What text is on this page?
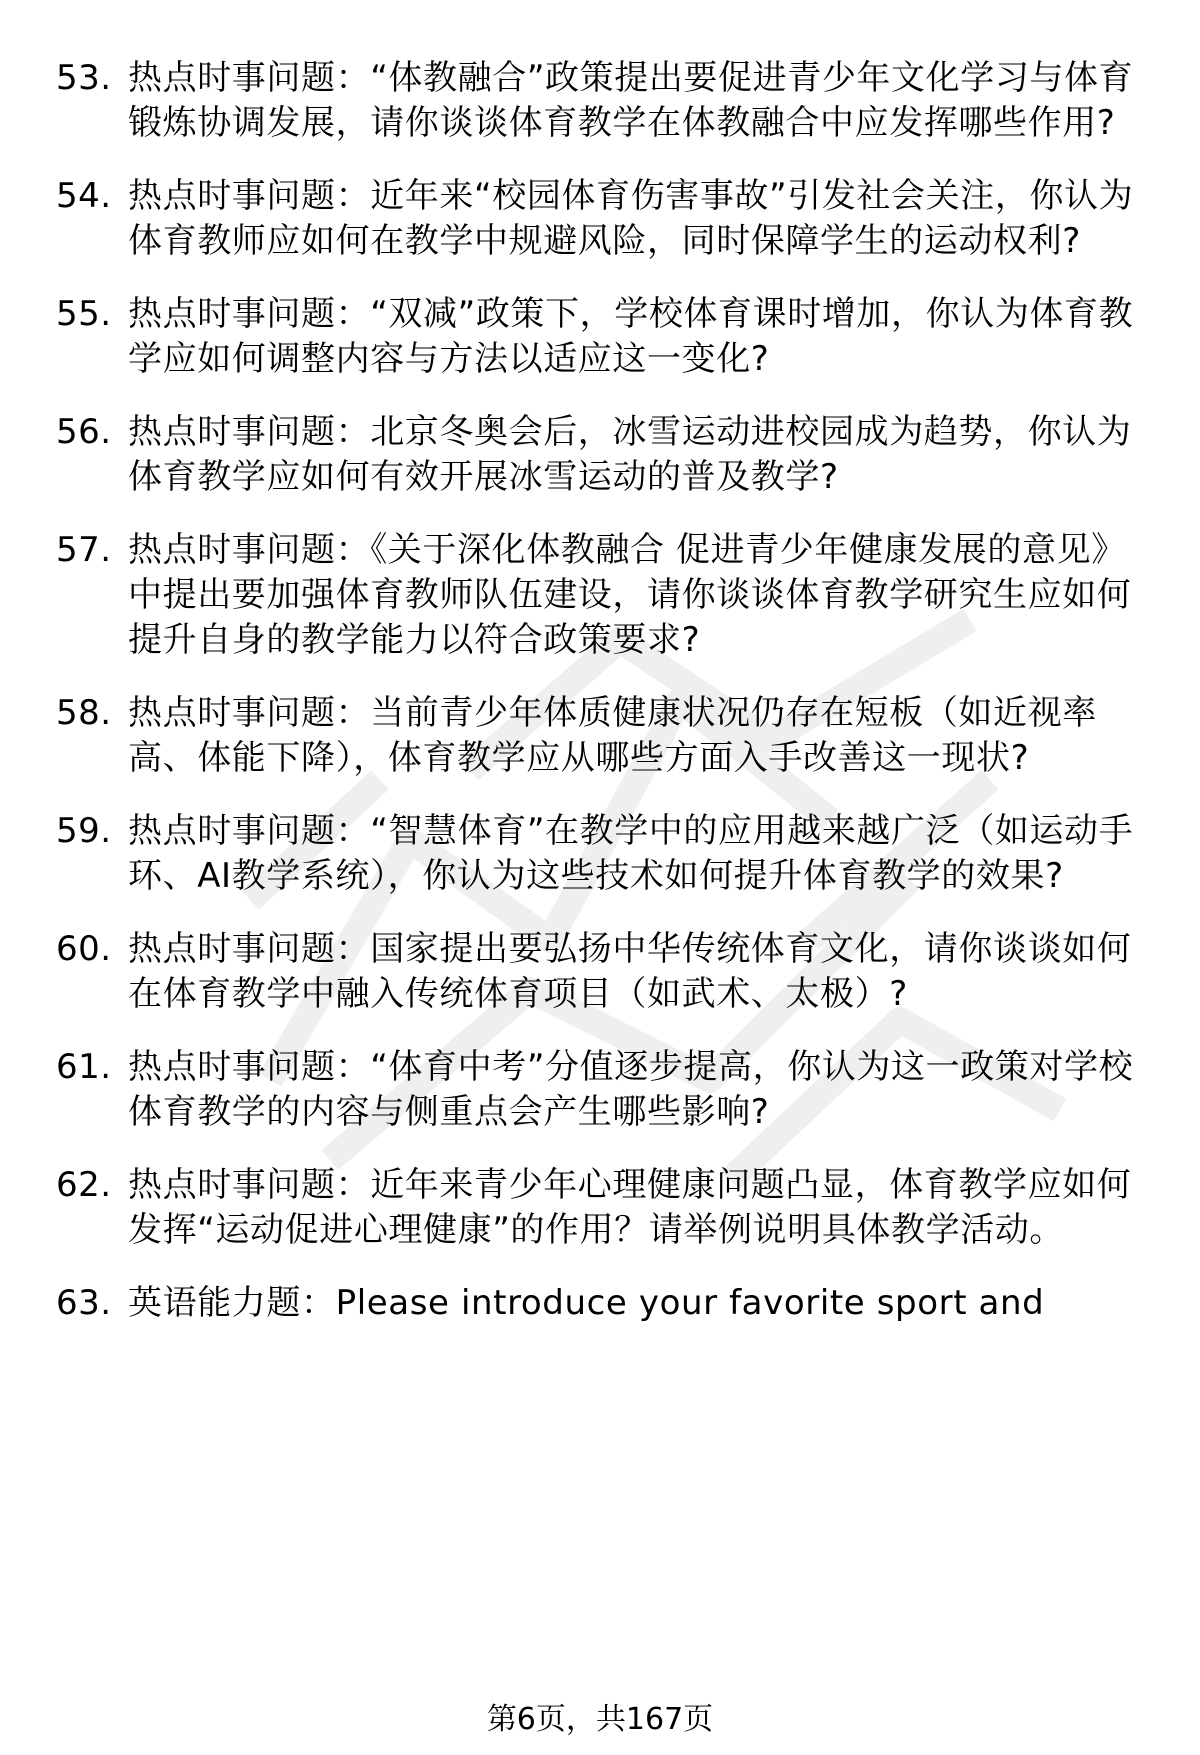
53. 热点时事问题：“体教融合”政策提出要促进青少年文化学习与体育锻炼协调发展，请你谈谈体育教学在体教融合中应发挥哪些作用?
54. 热点时事问题：近年来“校园体育伤害事故”引发社会关注，你认为体育教师应如何在教学中规避风险，同时保障学生的运动权利?
55. 热点时事问题：“双减”政策下，学校体育课时增加，你认为体育教学应如何调整内容与方法以适应这一变化?
56. 热点时事问题：北京冬奥会后，冰雪运动进校园成为趋势，你认为体育教学应如何有效开展冰雪运动的普及教学?
57. 热点时事问题：《关于深化体教融合 促进青少年健康发展的意见》中提出要加强体育教师队伍建设，请你谈谈体育教学研究生应如何提升自身的教学能力以符合政策要求?
58. 热点时事问题：当前青少年体质健康状况仍存在短板（如近视率高、体能下降），体育教学应从哪些方面入手改善这一现状?
59. 热点时事问题：“智慧体育”在教学中的应用越来越广泛（如运动手环、AI教学系统），你认为这些技术如何提升体育教学的效果?
60. 热点时事问题：国家提出要弘扬中华传统体育文化，请你谈谈如何在体育教学中融入传统体育项目（如武术、太极）?
61. 热点时事问题：“体育中考”分值逐步提高，你认为这一政策对学校体育教学的内容与侧重点会产生哪些影响?
62. 热点时事问题：近年来青少年心理健康问题凸显，体育教学应如何发挥“运动促进心理健康”的作用？请举例说明具体教学活动。
63. 英语能力题：Please introduce your favorite sport and
第6页，共167页
